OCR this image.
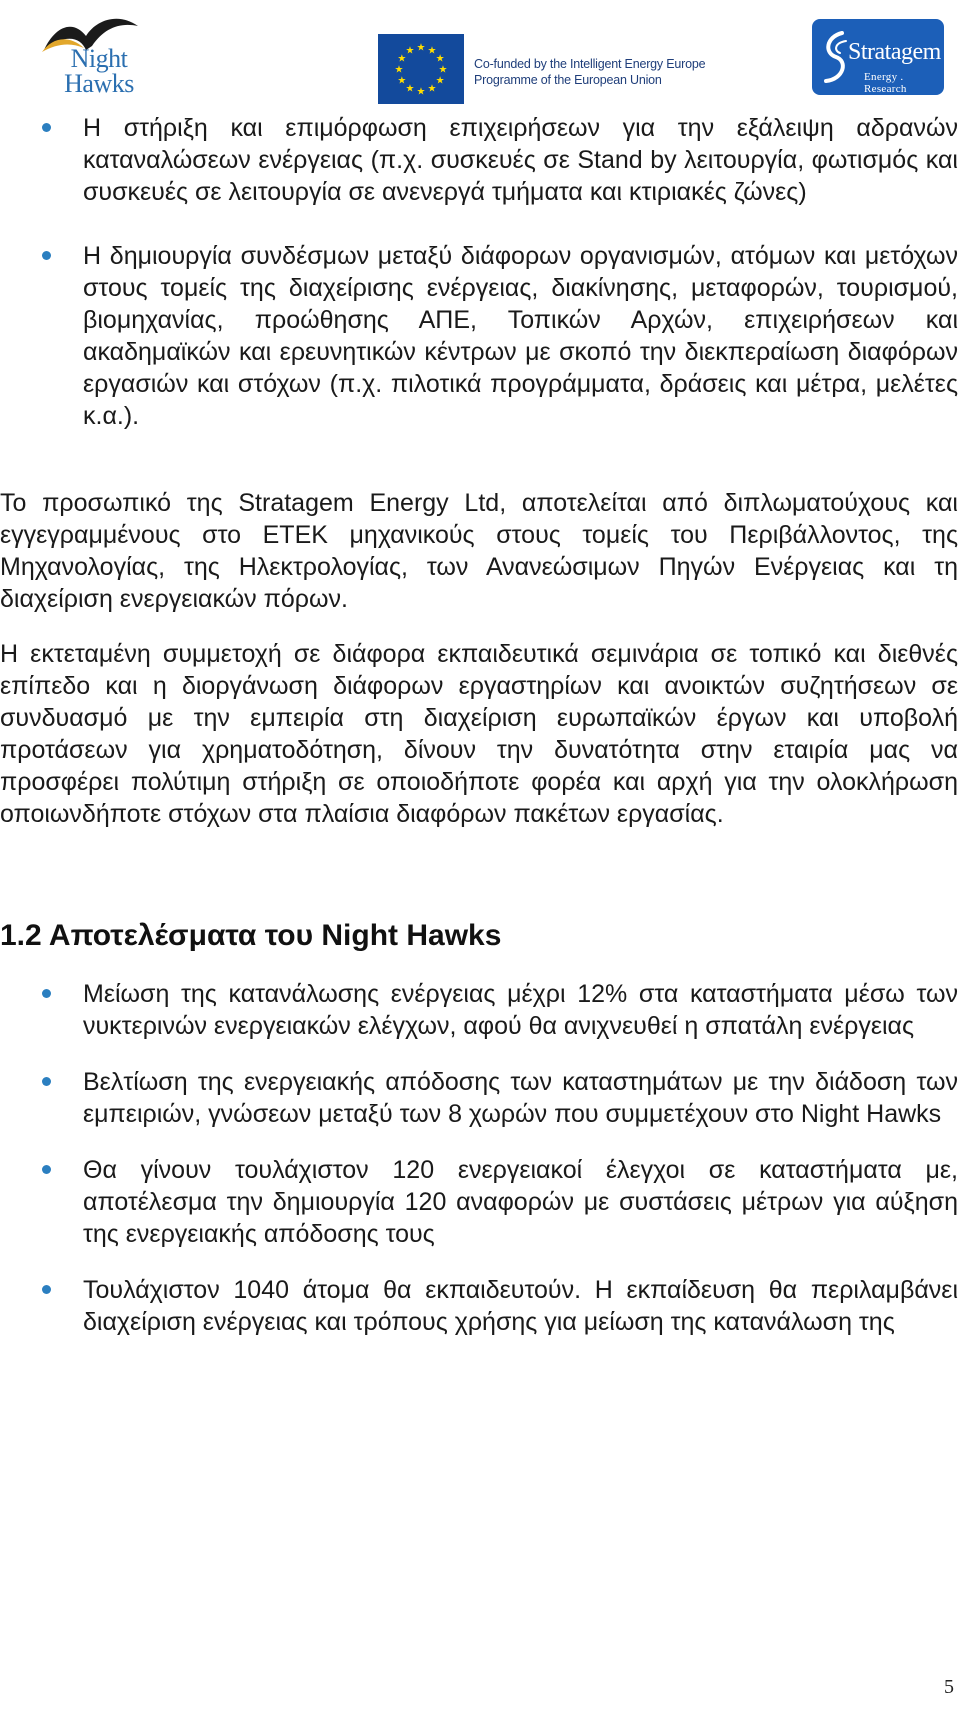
Night
Hawks
★ ★
★
★
★
★
★
★
★
★
★
★
Co-funded by the Intelligent Energy Europe
Programme of the European Union
Stratagem
Energy . Research
Η στήριξη και επιμόρφωση επιχειρήσεων για την εξάλειψη αδρανών καταναλώσεων ενέργειας (π.χ. συσκευές σε Stand by λειτουργία, φωτισμός και συσκευές σε λειτουργία σε ανενεργά τμήματα και κτιριακές ζώνες)
Η δημιουργία συνδέσμων μεταξύ διάφορων οργανισμών, ατόμων και μετόχων στους τομείς της διαχείρισης ενέργειας, διακίνησης, μεταφορών, τουρισμού, βιομηχανίας, προώθησης ΑΠΕ, Τοπικών Αρχών, επιχειρήσεων και ακαδημαϊκών και ερευνητικών κέντρων με σκοπό την διεκπεραίωση διαφόρων εργασιών και στόχων (π.χ. πιλοτικά προγράμματα, δράσεις και μέτρα, μελέτες κ.α.).

Το προσωπικό της Stratagem Energy Ltd, αποτελείται από διπλωματούχους και εγγεγραμμένους στο ΕΤΕΚ μηχανικούς στους τομείς του Περιβάλλοντος, της Μηχανολογίας, της Ηλεκτρολογίας, των Ανανεώσιμων Πηγών Ενέργειας και τη διαχείριση ενεργειακών πόρων.

Η εκτεταμένη συμμετοχή σε διάφορα εκπαιδευτικά σεμινάρια σε τοπικό και διεθνές επίπεδο και η διοργάνωση διάφορων εργαστηρίων και ανοικτών συζητήσεων σε συνδυασμό με την εμπειρία στη διαχείριση ευρωπαϊκών έργων και υποβολή προτάσεων για χρηματοδότηση, δίνουν την δυνατότητα στην εταιρία μας να προσφέρει πολύτιμη στήριξη σε οποιοδήποτε φορέα και αρχή για την ολοκλήρωση οποιωνδήποτε στόχων στα πλαίσια διαφόρων πακέτων εργασίας.

1.2 Αποτελέσματα του Night Hawks
Μείωση της κατανάλωσης ενέργειας μέχρι 12% στα καταστήματα μέσω των νυκτερινών ενεργειακών ελέγχων, αφού θα ανιχνευθεί η σπατάλη ενέργειας
Βελτίωση της ενεργειακής απόδοσης των καταστημάτων με την διάδοση των εμπειριών, γνώσεων μεταξύ των 8 χωρών που συμμετέχουν στο Night Hawks
Θα γίνουν τουλάχιστον 120 ενεργειακοί έλεγχοι σε καταστήματα με, αποτέλεσμα την δημιουργία 120 αναφορών με συστάσεις μέτρων για αύξηση της ενεργειακής απόδοσης τους
Τουλάχιστον 1040 άτομα θα εκπαιδευτούν. Η εκπαίδευση θα περιλαμβάνει διαχείριση ενέργειας και τρόπους χρήσης για μείωση της κατανάλωση της
5
